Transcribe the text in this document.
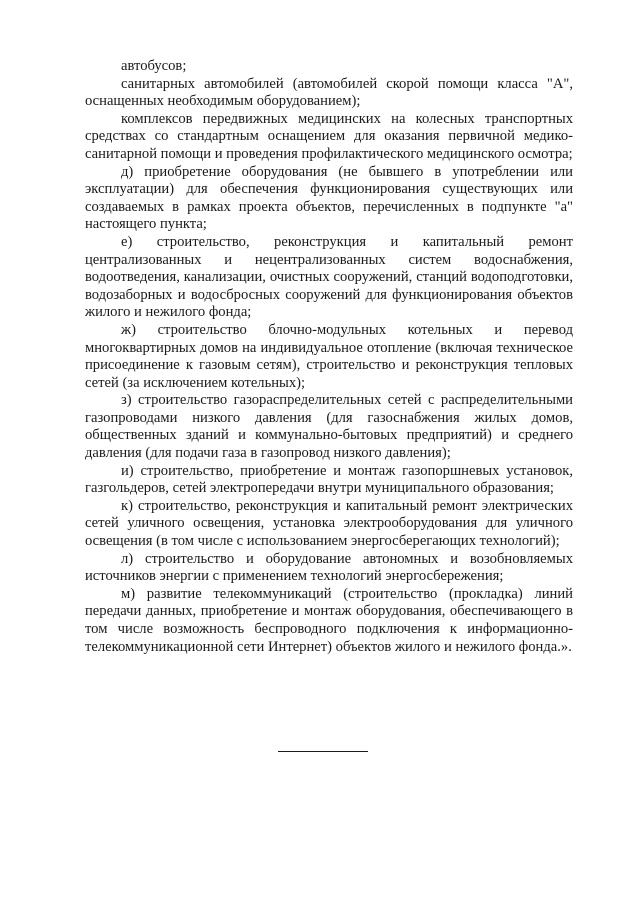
автобусов;

санитарных автомобилей (автомобилей скорой помощи класса "А", оснащенных необходимым оборудованием);

комплексов передвижных медицинских на колесных транспортных средствах со стандартным оснащением для оказания первичной медико-санитарной помощи и проведения профилактического медицинского осмотра;

д) приобретение оборудования (не бывшего в употреблении или эксплуатации) для обеспечения функционирования существующих или создаваемых в рамках проекта объектов, перечисленных в подпункте "а" настоящего пункта;

е) строительство, реконструкция и капитальный ремонт централизованных и нецентрализованных систем водоснабжения, водоотведения, канализации, очистных сооружений, станций водоподготовки, водозаборных и водосбросных сооружений для функционирования объектов жилого и нежилого фонда;

ж) строительство блочно-модульных котельных и перевод многоквартирных домов на индивидуальное отопление (включая техническое присоединение к газовым сетям), строительство и реконструкция тепловых сетей (за исключением котельных);

з) строительство газораспределительных сетей с распределительными газопроводами низкого давления (для газоснабжения жилых домов, общественных зданий и коммунально-бытовых предприятий) и среднего давления (для подачи газа в газопровод низкого давления);

и) строительство, приобретение и монтаж газопоршневых установок, газгольдеров, сетей электропередачи внутри муниципального образования;

к) строительство, реконструкция и капитальный ремонт электрических сетей уличного освещения, установка электрооборудования для уличного освещения (в том числе с использованием энергосберегающих технологий);

л) строительство и оборудование автономных и возобновляемых источников энергии с применением технологий энергосбережения;

м) развитие телекоммуникаций (строительство (прокладка) линий передачи данных, приобретение и монтаж оборудования, обеспечивающего в том числе возможность беспроводного подключения к информационно-телекоммуникационной сети Интернет) объектов жилого и нежилого фонда.».
